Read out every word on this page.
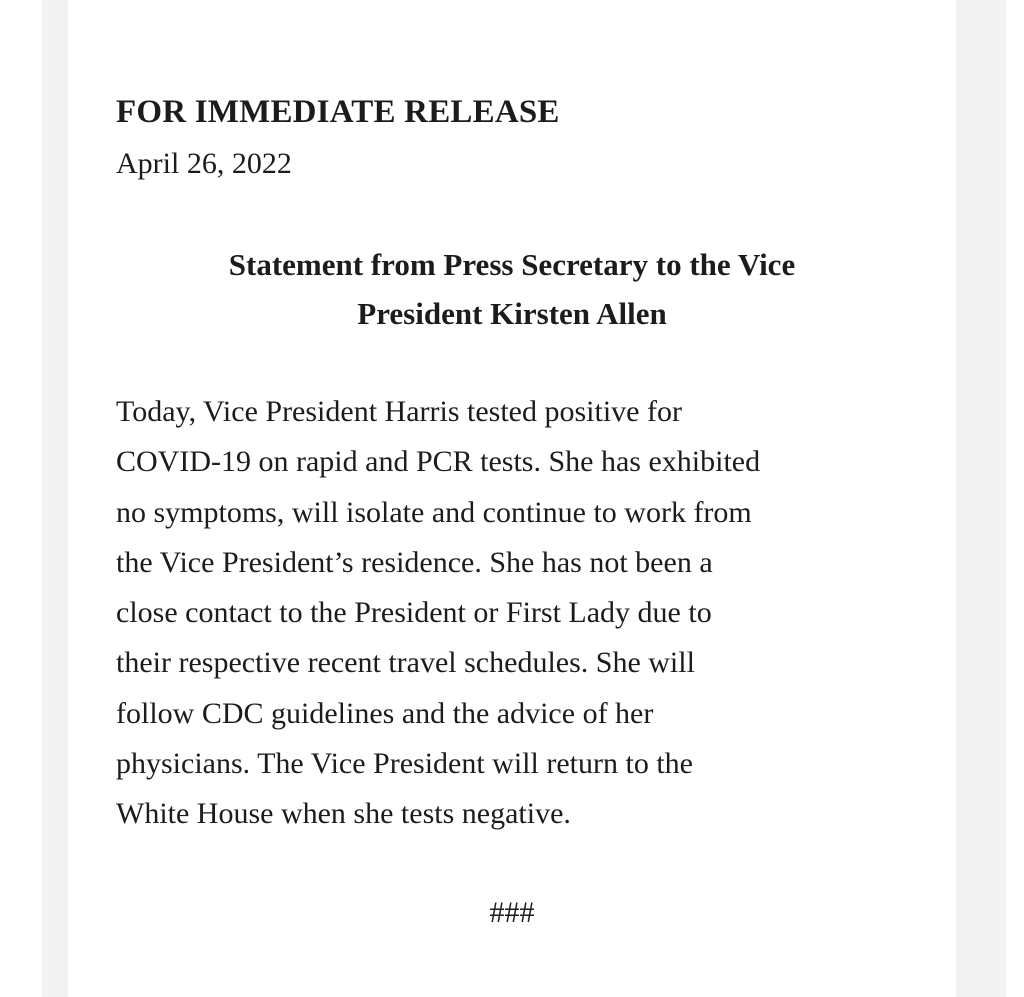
FOR IMMEDIATE RELEASE

April 26, 2022

Statement from Press Secretary to the Vice
President Kirsten Allen
Today, Vice President Harris tested positive for
COVID-19 on rapid and PCR tests. She has exhibited
no symptoms, will isolate and continue to work from
the Vice President’s residence. She has not been a
close contact to the President or First Lady due to
their respective recent travel schedules. She will
follow CDC guidelines and the advice of her
physicians. The Vice President will return to the
White House when she tests negative.

###
